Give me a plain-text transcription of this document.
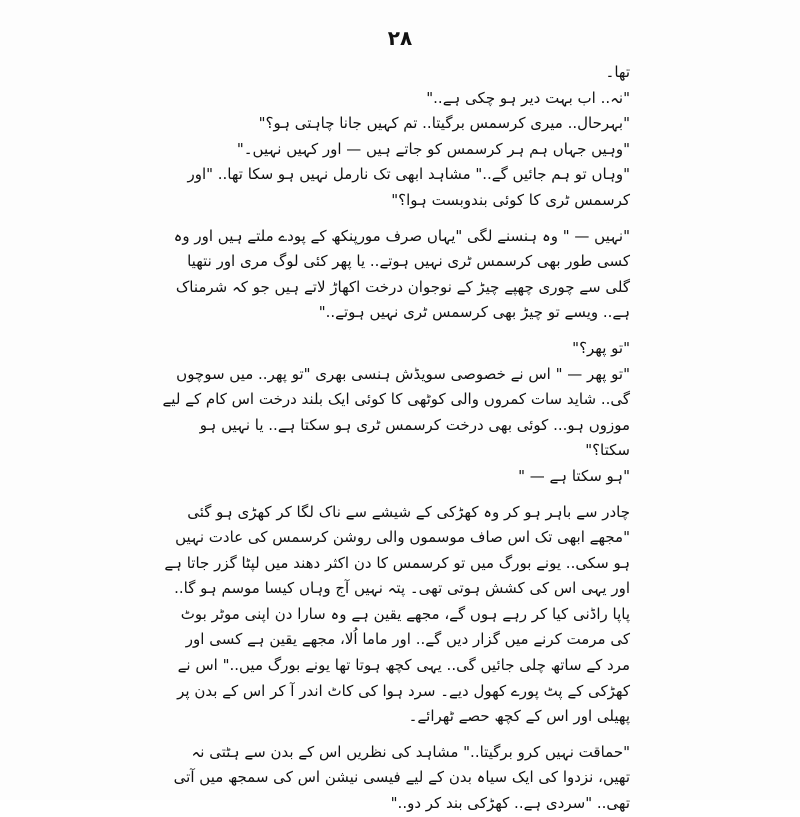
٢٨

تھا۔

"نہ.. اب بہت دیر ہو چکی ہے.."

"بہرحال.. میری کرسمس برگیتا.. تم کہیں جانا چاہتی ہو؟"

"وہیں جہاں ہم ہر کرسمس کو جاتے ہیں — اور کہیں نہیں۔"

"وہاں تو ہم جائیں گے.." مشاہد ابھی تک نارمل نہیں ہو سکا تھا.. "اور کرسمس ٹری کا کوئی بندوبست ہوا؟"

"نہیں — " وہ ہنسنے لگی "یہاں صرف مورپنکھ کے پودے ملتے ہیں اور وہ کسی طور بھی کرسمس ٹری نہیں ہوتے.. یا پھر کئی لوگ مری اور نتھیا گلی سے چوری چھپے چیڑ کے نوجوان درخت اکھاڑ لاتے ہیں جو کہ شرمناک ہے.. ویسے تو چیڑ بھی کرسمس ٹری نہیں ہوتے.."

"تو پھر؟"

"تو پھر — " اس نے خصوصی سویڈش ہنسی بھری "تو پھر.. میں سوچوں گی.. شاید سات کمروں والی کوٹھی کا کوئی ایک بلند درخت اس کام کے لیے موزوں ہو... کوئی بھی درخت کرسمس ٹری ہو سکتا ہے.. یا نہیں ہو سکتا؟"

"ہو سکتا ہے — "

چادر سے باہر ہو کر وہ کھڑکی کے شیشے سے ناک لگا کر کھڑی ہو گئی "مجھے ابھی تک اس صاف موسموں والی روشن کرسمس کی عادت نہیں ہو سکی.. یونے بورگ میں تو کرسمس کا دن اکثر دھند میں لپٹا گزر جاتا ہے اور یہی اس کی کشش ہوتی تھی۔ پتہ نہیں آج وہاں کیسا موسم ہو گا.. پاپا راڈنی کیا کر رہے ہوں گے، مجھے یقین ہے وہ سارا دن اپنی موٹر بوٹ کی مرمت کرنے میں گزار دیں گے.. اور ماما اُلا، مجھے یقین ہے کسی اور مرد کے ساتھ چلی جائیں گی.. یہی کچھ ہوتا تھا یونے بورگ میں.." اس نے کھڑکی کے پٹ پورے کھول دیے۔ سرد ہوا کی کاٹ اندر آ کر اس کے بدن پر پھیلی اور اس کے کچھ حصے ٹھرائے۔

"حماقت نہیں کرو برگیتا.." مشاہد کی نظریں اس کے بدن سے ہٹتی نہ تھیں، نزدوا کی ایک سیاہ بدن کے لیے فیسی نیشن اس کی سمجھ میں آتی تھی.. "سردی ہے.. کھڑکی بند کر دو.."
